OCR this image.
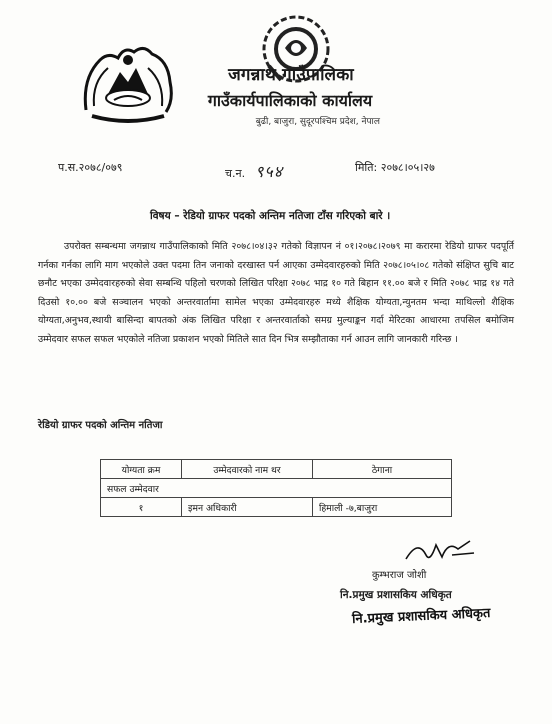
जगन्नाथ गाउँपालिका
गाउँकार्यपालिकाको कार्यालय
बुढी, बाजुरा, सुदूरपश्चिम प्रदेश, नेपाल
प.स.२०७८/०७९	च.न. ९५४	मिति: २०७८।०५।२७
विषय – रेडियो ग्राफर पदको अन्तिम नतिजा टाँस गरिएको बारे ।
उपरोक्त सम्बन्धमा जगन्नाथ गाउँपालिकाको मिति २०७८।०४।३२ गतेको विज्ञापन नं ०१।२०७८।२०७९ मा करारमा रेडियो ग्राफर पदपूर्ति गर्नका गर्नका लागि माग भएकोले उक्त पदमा तिन जनाको दरखास्त पर्न आएका उम्मेदवारहरुको मिति २०७८।०५।०८ गतेको संक्षिप्त सुचि बाट छनौट भएका उम्मेदवारहरुको सेवा सम्बन्धि पहिलो चरणको लिखित परिक्षा २०७८ भाद्र १० गते बिहान ११.०० बजे र मिति २०७८ भाद्र १४ गते दिउसो १०.०० बजे सञ्चालन भएको अन्तरवार्तामा सामेल भएका उम्मेदवारहरु मध्ये शैक्षिक योग्यता,न्युनतम भन्दा माथिल्लो शैक्षिक योग्यता,अनुभव,स्थायी बासिन्दा बापतको अंक लिखित परिक्षा र अन्तरवार्ताको समग्र मुल्याङ्कन गर्दा मेरिटका आधारमा तपसिल बमोजिम उम्मेदवार सफल सफल भएकोले नतिजा प्रकाशन भएको मितिले सात दिन भित्र सम्झौताका गर्न आउन लागि जानकारी गरिन्छ ।
रेडियो ग्राफर पदको अन्तिम नतिजा
योग्यता क्रम	उम्मेदवारको नाम थर	ठेगाना
सफल उम्मेदवार		
१	इमन अधिकारी	हिमाली -७,बाजुरा
कुम्भराज जोशी
नि.प्रमुख प्रशासकिय अधिकृत
नि.प्रमुख प्रशासकिय अधिकृत
